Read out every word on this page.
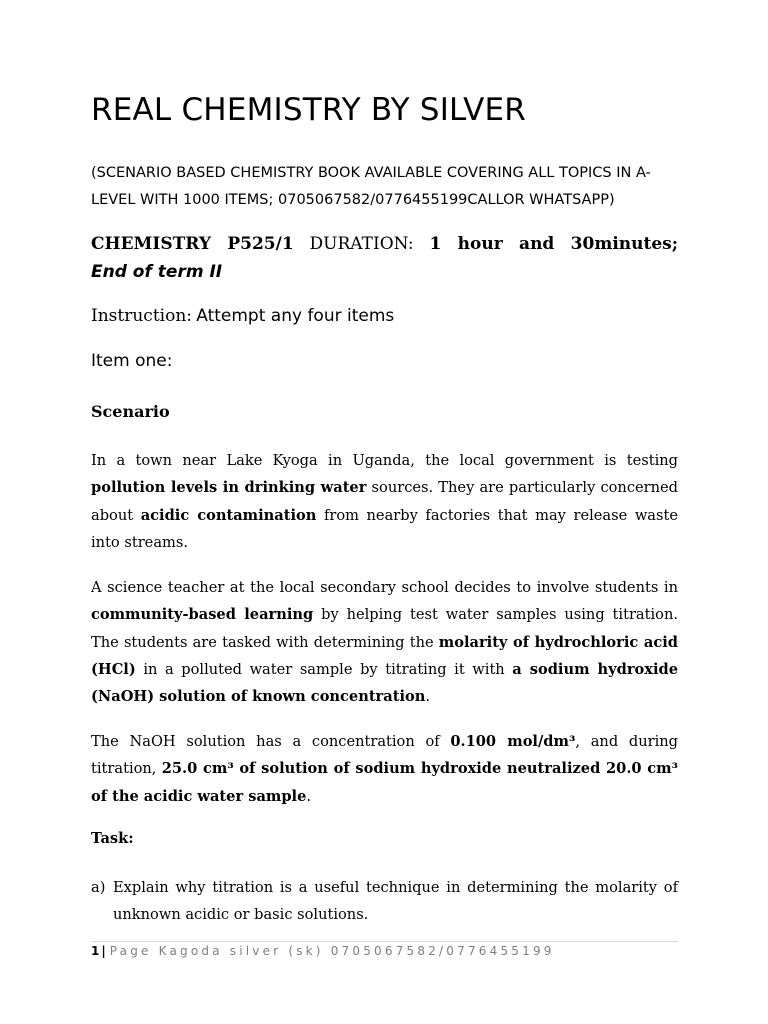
REAL CHEMISTRY BY SILVER

(SCENARIO BASED CHEMISTRY BOOK AVAILABLE COVERING ALL TOPICS IN A-LEVEL WITH 1000 ITEMS; 0705067582/0776455199CALLOR WHATSAPP)

CHEMISTRY P525/1 DURATION: 1 hour and 30minutes;

End of term II

Instruction: Attempt any four items

Item one:

Scenario

In a town near Lake Kyoga in Uganda, the local government is testing pollution levels in drinking water sources. They are particularly concerned about acidic contamination from nearby factories that may release waste into streams.

A science teacher at the local secondary school decides to involve students in community-based learning by helping test water samples using titration. The students are tasked with determining the molarity of hydrochloric acid (HCl) in a polluted water sample by titrating it with a sodium hydroxide (NaOH) solution of known concentration.

The NaOH solution has a concentration of 0.100 mol/dm³, and during titration, 25.0 cm³ of solution of sodium hydroxide neutralized 20.0 cm³ of the acidic water sample.

Task:

a) Explain why titration is a useful technique in determining the molarity of unknown acidic or basic solutions.
1 | Page Kagoda silver (sk) 0705067582/0776455199
